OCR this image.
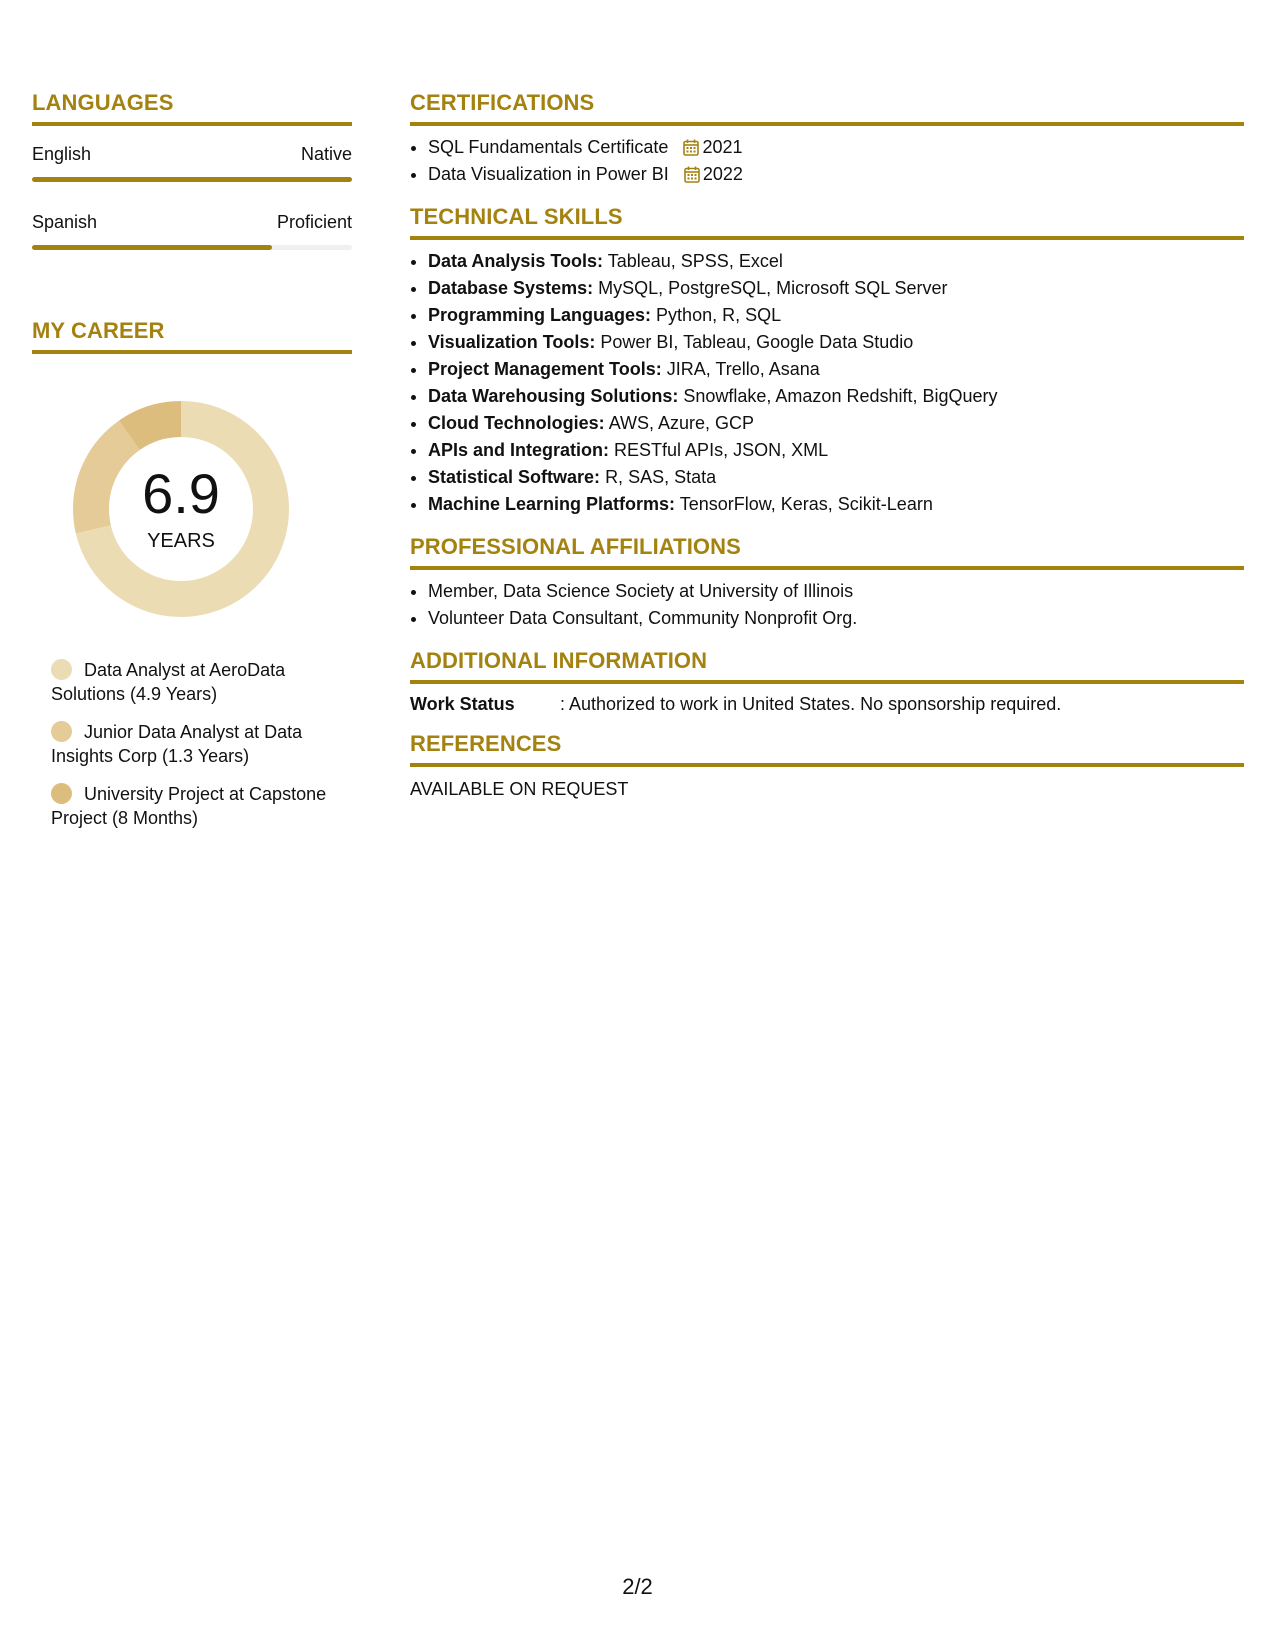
LANGUAGES
English	Native
Spanish	Proficient
MY CAREER
6.9
YEARS
Data Analyst at AeroData Solutions (4.9 Years)
Junior Data Analyst at Data Insights Corp (1.3 Years)
University Project at Capstone Project (8 Months)
CERTIFICATIONS
• SQL Fundamentals Certificate 2021
• Data Visualization in Power BI 2022
TECHNICAL SKILLS
• Data Analysis Tools: Tableau, SPSS, Excel
• Database Systems: MySQL, PostgreSQL, Microsoft SQL Server
• Programming Languages: Python, R, SQL
• Visualization Tools: Power BI, Tableau, Google Data Studio
• Project Management Tools: JIRA, Trello, Asana
• Data Warehousing Solutions: Snowflake, Amazon Redshift, BigQuery
• Cloud Technologies: AWS, Azure, GCP
• APIs and Integration: RESTful APIs, JSON, XML
• Statistical Software: R, SAS, Stata
• Machine Learning Platforms: TensorFlow, Keras, Scikit-Learn
PROFESSIONAL AFFILIATIONS
• Member, Data Science Society at University of Illinois
• Volunteer Data Consultant, Community Nonprofit Org.
ADDITIONAL INFORMATION
Work Status	: Authorized to work in United States. No sponsorship required.
REFERENCES
AVAILABLE ON REQUEST
2/2
